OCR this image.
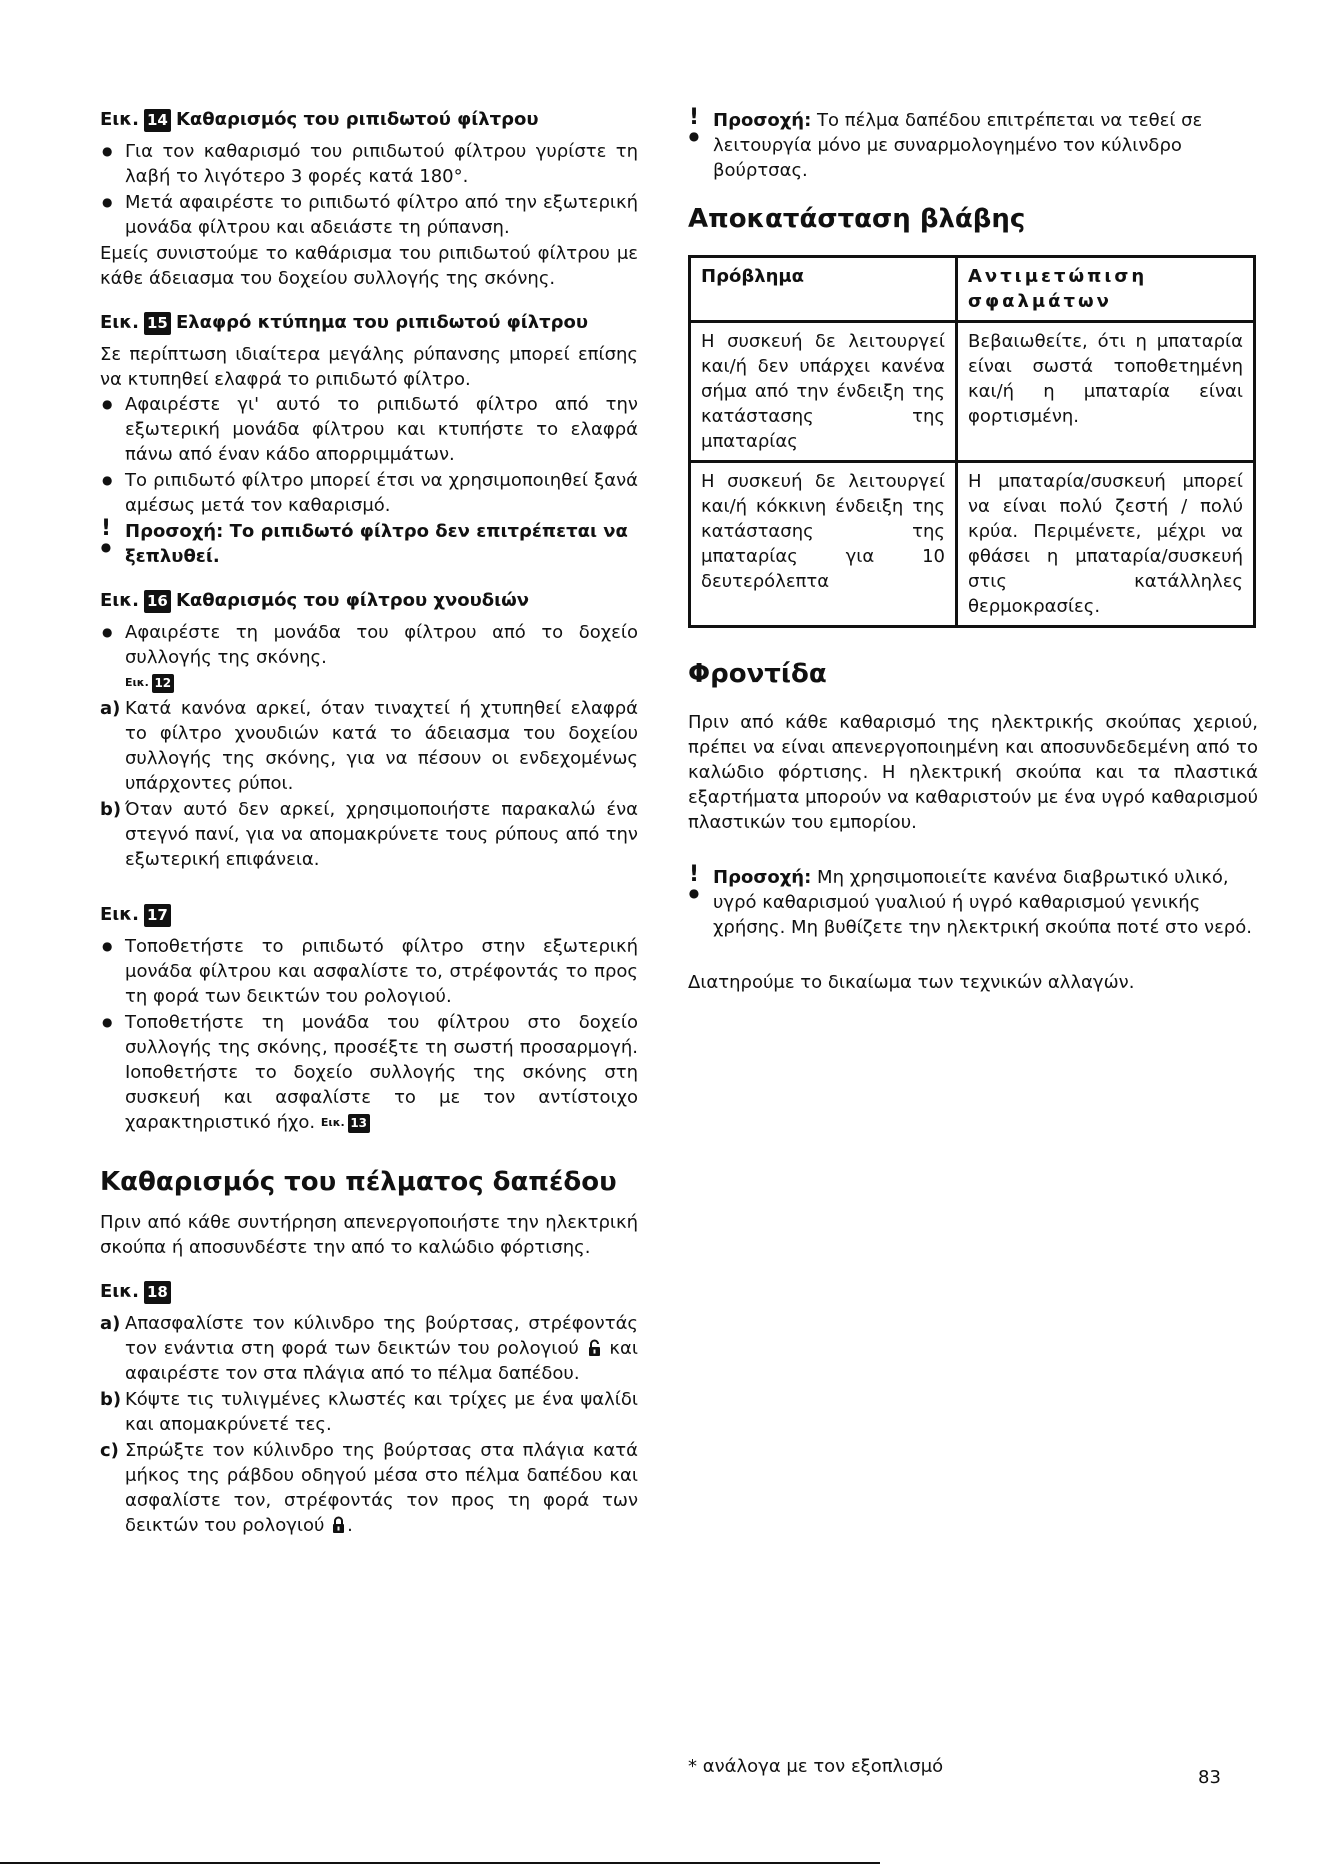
Εικ. 14 Καθαρισμός του ριπιδωτού φίλτρου
● Για τον καθαρισμό του ριπιδωτού φίλτρου γυρίστε τη λαβή το λιγότερο 3 φορές κατά 180°.
● Μετά αφαιρέστε το ριπιδωτό φίλτρο από την εξωτερική μονάδα φίλτρου και αδειάστε τη ρύπανση.
Εμείς συνιστούμε το καθάρισμα του ριπιδωτού φίλτρου με κάθε άδειασμα του δοχείου συλλογής της σκόνης.
Εικ. 15 Ελαφρό κτύπημα του ριπιδωτού φίλτρου
Σε περίπτωση ιδιαίτερα μεγάλης ρύπανσης μπορεί επίσης να κτυπηθεί ελαφρά το ριπιδωτό φίλτρο.
● Αφαιρέστε γι' αυτό το ριπιδωτό φίλτρο από την εξωτερική μονάδα φίλτρου και κτυπήστε το ελαφρά πάνω από έναν κάδο απορριμμάτων.
● Το ριπιδωτό φίλτρο μπορεί έτσι να χρησιμοποιηθεί ξανά αμέσως μετά τον καθαρισμό.
!
●
Προσοχή: Το ριπιδωτό φίλτρο δεν επιτρέπεται να ξεπλυθεί.
Εικ. 16 Καθαρισμός του φίλτρου χνουδιών
● Αφαιρέστε τη μονάδα του φίλτρου από το δοχείο συλλογής της σκόνης.

Εικ. 12
a) Κατά κανόνα αρκεί, όταν τιναχτεί ή χτυπηθεί ελαφρά το φίλτρο χνουδιών κατά το άδειασμα του δοχείου συλλογής της σκόνης, για να πέσουν οι ενδεχομένως υπάρχοντες ρύποι.
b) Όταν αυτό δεν αρκεί, χρησιμοποιήστε παρακαλώ ένα στεγνό πανί, για να απομακρύνετε τους ρύπους από την εξωτερική επιφάνεια.
Εικ. 17
● Τοποθετήστε το ριπιδωτό φίλτρο στην εξωτερική μονάδα φίλτρου και ασφαλίστε το, στρέφοντάς το προς τη φορά των δεικτών του ρολογιού.
● Τοποθετήστε τη μονάδα του φίλτρου στο δοχείο συλλογής της σκόνης, προσέξτε τη σωστή προσαρμογή. Ιοποθετήστε το δοχείο συλλογής της σκόνης στη συσκευή και ασφαλίστε το με τον αντίστοιχο χαρακτηριστικό ήχο. Εικ. 13
Καθαρισμός του πέλματος δαπέδου
Πριν από κάθε συντήρηση απενεργοποιήστε την ηλεκτρική σκούπα ή αποσυνδέστε την από το καλώδιο φόρτισης.
Εικ. 18
a) Απασφαλίστε τον κύλινδρο της βούρτσας, στρέφοντάς τον ενάντια στη φορά των δεικτών του ρολογιού  και αφαιρέστε τον στα πλάγια από το πέλμα δαπέδου.
b) Κόψτε τις τυλιγμένες κλωστές και τρίχες με ένα ψαλίδι και απομακρύνετέ τες.
c) Σπρώξτε τον κύλινδρο της βούρτσας στα πλάγια κατά μήκος της ράβδου οδηγού μέσα στο πέλμα δαπέδου και ασφαλίστε τον, στρέφοντάς τον προς τη φορά των δεικτών του ρολογιού .
!
●
Προσοχή: Το πέλμα δαπέδου επιτρέπεται να τεθεί σε λειτουργία μόνο με συναρμολογημένο τον κύλινδρο βούρτσας.
Αποκατάσταση βλάβης
Πρόβλημα	Αντιμετώπιση σφαλμάτων
Η συσκευή δε λειτουργεί και/ή δεν υπάρχει κανένα σήμα από την ένδειξη της κατάστασης της μπαταρίας	Βεβαιωθείτε, ότι η μπαταρία είναι σωστά τοποθετημένη και/ή η μπαταρία είναι φορτισμένη.
Η συσκευή δε λειτουργεί και/ή κόκκινη ένδειξη της κατάστασης της μπαταρίας για 10 δευτερόλεπτα	Η μπαταρία/συσκευή μπορεί να είναι πολύ ζεστή / πολύ κρύα. Περιμένετε, μέχρι να φθάσει η μπαταρία/συσκευή στις κατάλληλες θερμοκρασίες.
Φροντίδα
Πριν από κάθε καθαρισμό της ηλεκτρικής σκούπας χεριού, πρέπει να είναι απενεργοποιημένη και αποσυνδεδεμένη από το καλώδιο φόρτισης. Η ηλεκτρική σκούπα και τα πλαστικά εξαρτήματα μπορούν να καθαριστούν με ένα υγρό καθαρισμού πλαστικών του εμπορίου.
!
●
Προσοχή: Μη χρησιμοποιείτε κανένα διαβρωτικό υλικό, υγρό καθαρισμού γυαλιού ή υγρό καθαρισμού γενικής χρήσης. Μη βυθίζετε την ηλεκτρική σκούπα ποτέ στο νερό.
Διατηρούμε το δικαίωμα των τεχνικών αλλαγών.
* ανάλογα με τον εξοπλισμό
83
